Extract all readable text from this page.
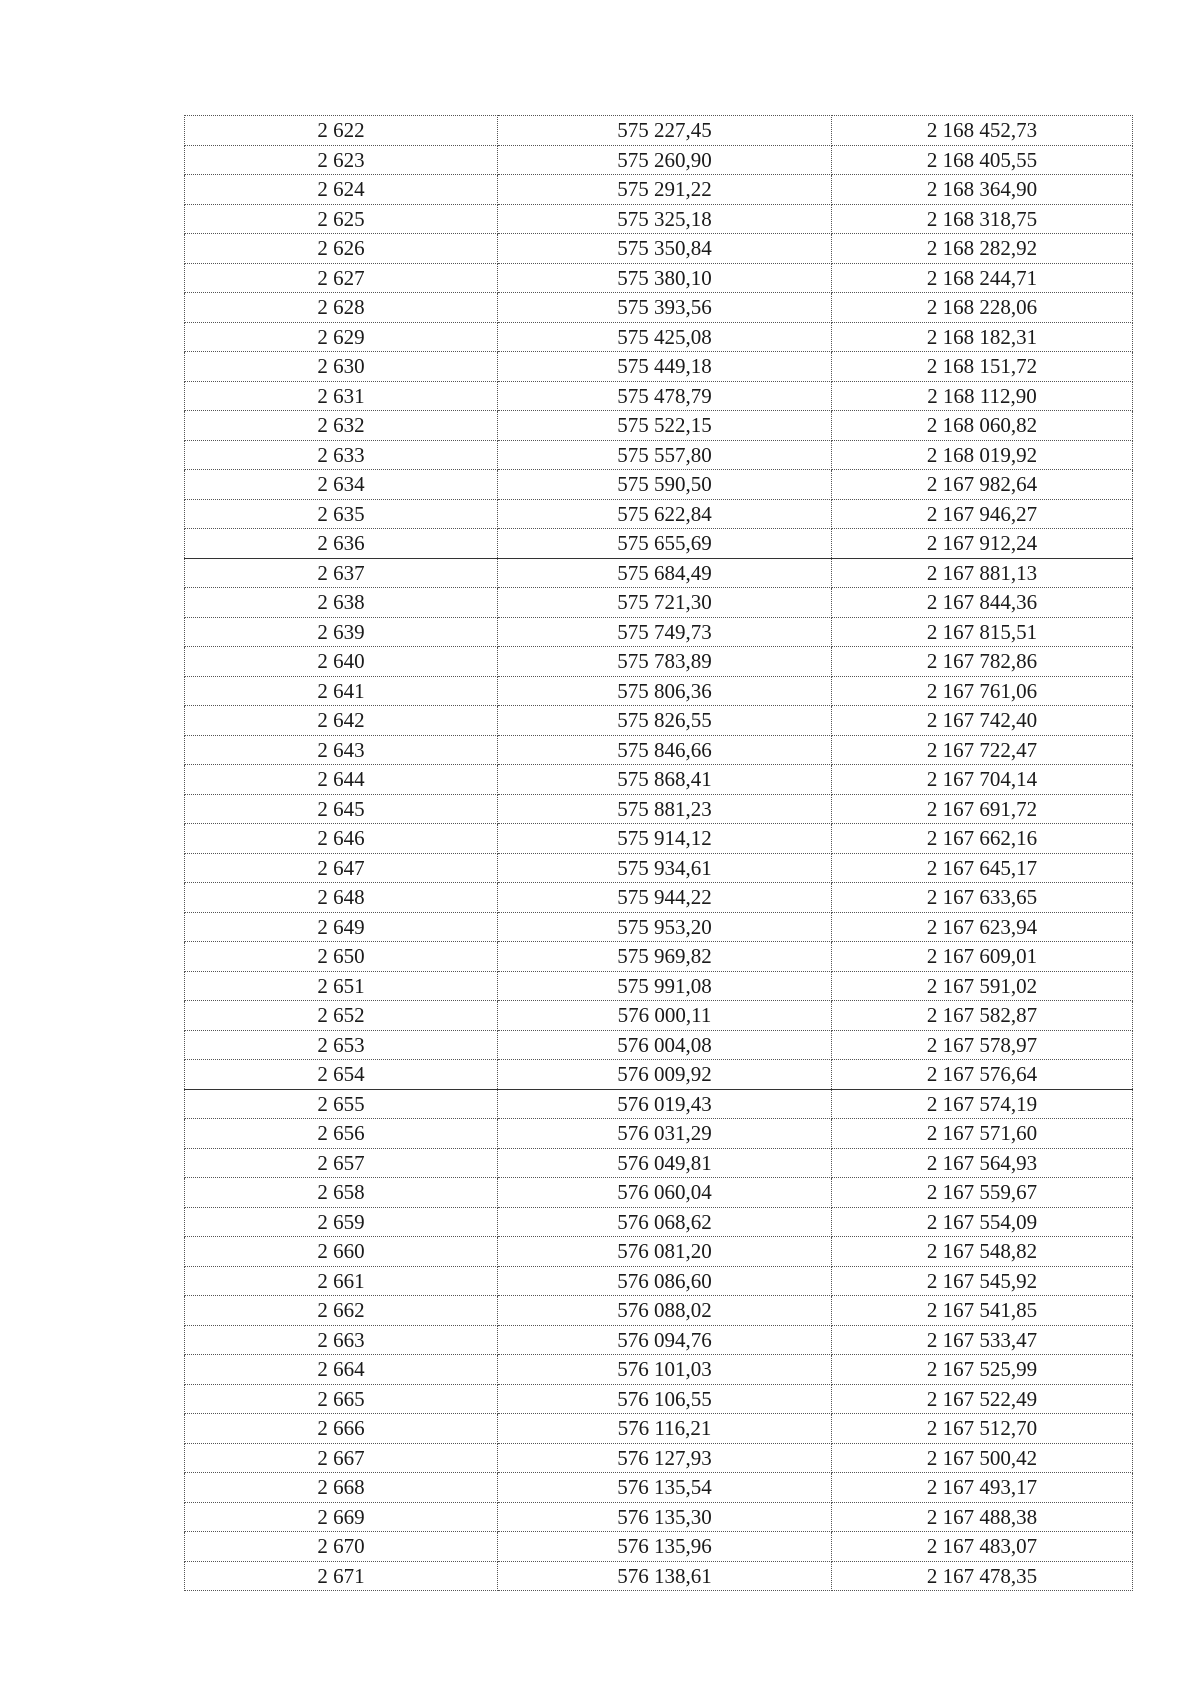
2 622	575 227,45	2 168 452,73
2 623	575 260,90	2 168 405,55
2 624	575 291,22	2 168 364,90
2 625	575 325,18	2 168 318,75
2 626	575 350,84	2 168 282,92
2 627	575 380,10	2 168 244,71
2 628	575 393,56	2 168 228,06
2 629	575 425,08	2 168 182,31
2 630	575 449,18	2 168 151,72
2 631	575 478,79	2 168 112,90
2 632	575 522,15	2 168 060,82
2 633	575 557,80	2 168 019,92
2 634	575 590,50	2 167 982,64
2 635	575 622,84	2 167 946,27
2 636	575 655,69	2 167 912,24
2 637	575 684,49	2 167 881,13
2 638	575 721,30	2 167 844,36
2 639	575 749,73	2 167 815,51
2 640	575 783,89	2 167 782,86
2 641	575 806,36	2 167 761,06
2 642	575 826,55	2 167 742,40
2 643	575 846,66	2 167 722,47
2 644	575 868,41	2 167 704,14
2 645	575 881,23	2 167 691,72
2 646	575 914,12	2 167 662,16
2 647	575 934,61	2 167 645,17
2 648	575 944,22	2 167 633,65
2 649	575 953,20	2 167 623,94
2 650	575 969,82	2 167 609,01
2 651	575 991,08	2 167 591,02
2 652	576 000,11	2 167 582,87
2 653	576 004,08	2 167 578,97
2 654	576 009,92	2 167 576,64
2 655	576 019,43	2 167 574,19
2 656	576 031,29	2 167 571,60
2 657	576 049,81	2 167 564,93
2 658	576 060,04	2 167 559,67
2 659	576 068,62	2 167 554,09
2 660	576 081,20	2 167 548,82
2 661	576 086,60	2 167 545,92
2 662	576 088,02	2 167 541,85
2 663	576 094,76	2 167 533,47
2 664	576 101,03	2 167 525,99
2 665	576 106,55	2 167 522,49
2 666	576 116,21	2 167 512,70
2 667	576 127,93	2 167 500,42
2 668	576 135,54	2 167 493,17
2 669	576 135,30	2 167 488,38
2 670	576 135,96	2 167 483,07
2 671	576 138,61	2 167 478,35
